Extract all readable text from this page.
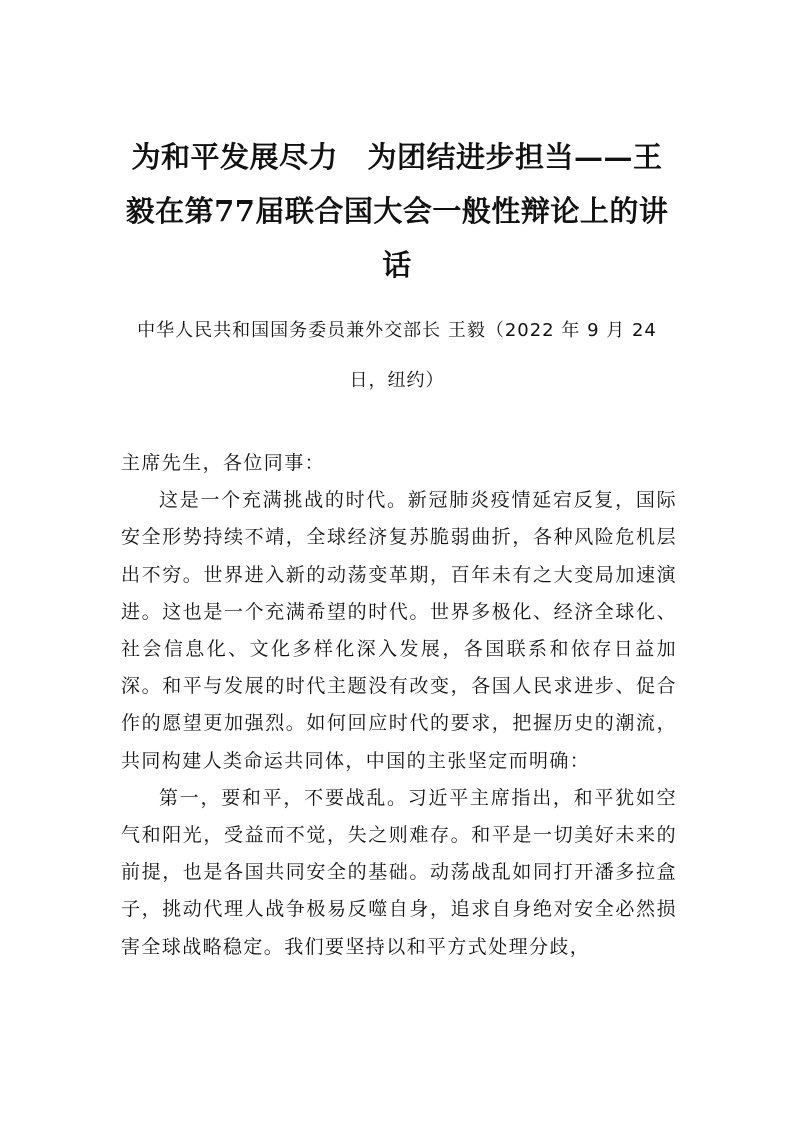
为和平发展尽力　为团结进步担当——王毅在第77届联合国大会一般性辩论上的讲话
中华人民共和国国务委员兼外交部长 王毅（2022 年 9 月 24 日，纽约）

主席先生，各位同事：

这是一个充满挑战的时代。新冠肺炎疫情延宕反复，国际安全形势持续不靖，全球经济复苏脆弱曲折，各种风险危机层出不穷。世界进入新的动荡变革期，百年未有之大变局加速演进。这也是一个充满希望的时代。世界多极化、经济全球化、社会信息化、文化多样化深入发展，各国联系和依存日益加深。和平与发展的时代主题没有改变，各国人民求进步、促合作的愿望更加强烈。如何回应时代的要求，把握历史的潮流，共同构建人类命运共同体，中国的主张坚定而明确：

第一，要和平，不要战乱。习近平主席指出，和平犹如空气和阳光，受益而不觉，失之则难存。和平是一切美好未来的前提，也是各国共同安全的基础。动荡战乱如同打开潘多拉盒子，挑动代理人战争极易反噬自身，追求自身绝对安全必然损害全球战略稳定。我们要坚持以和平方式处理分歧，
